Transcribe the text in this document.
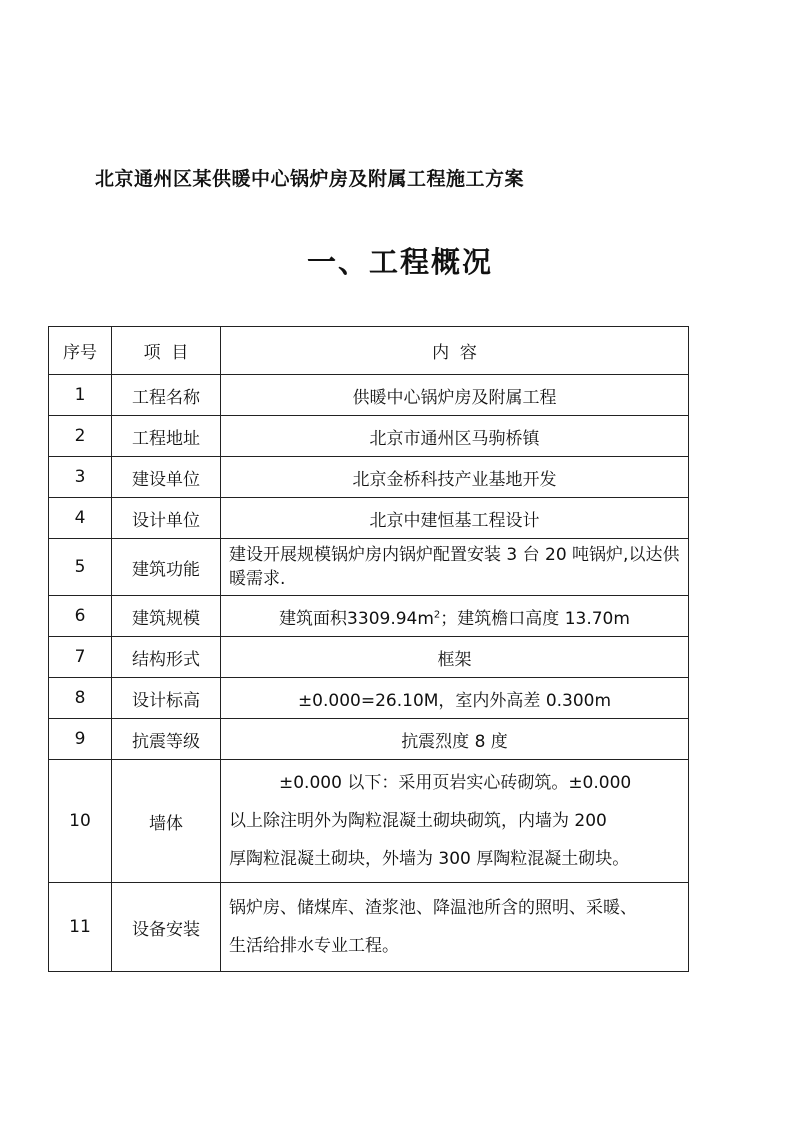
北京通州区某供暖中心锅炉房及附属工程施工方案
一、工程概况
序号	项  目	内  容
1	工程名称	供暖中心锅炉房及附属工程
2	工程地址	北京市通州区马驹桥镇
3	建设单位	北京金桥科技产业基地开发
4	设计单位	北京中建恒基工程设计
5	建筑功能	建设开展规模锅炉房内锅炉配置安装 3 台 20 吨锅炉,以达供暖需求.
6	建筑规模	建筑面积$3309.94m^2$；建筑檐口高度 13.70m
7	结构形式	框架
8	设计标高	±0.000=26.10M，室内外高差 0.300m
9	抗震等级	抗震烈度 8 度
10	墙体	±0.000 以下：采用页岩实心砖砌筑。±0.000
以上除注明外为陶粒混凝土砌块砌筑，内墙为 200
厚陶粒混凝土砌块，外墙为 300 厚陶粒混凝土砌块。

11	设备安装	锅炉房、储煤库、渣浆池、降温池所含的照明、采暖、
生活给排水专业工程。
